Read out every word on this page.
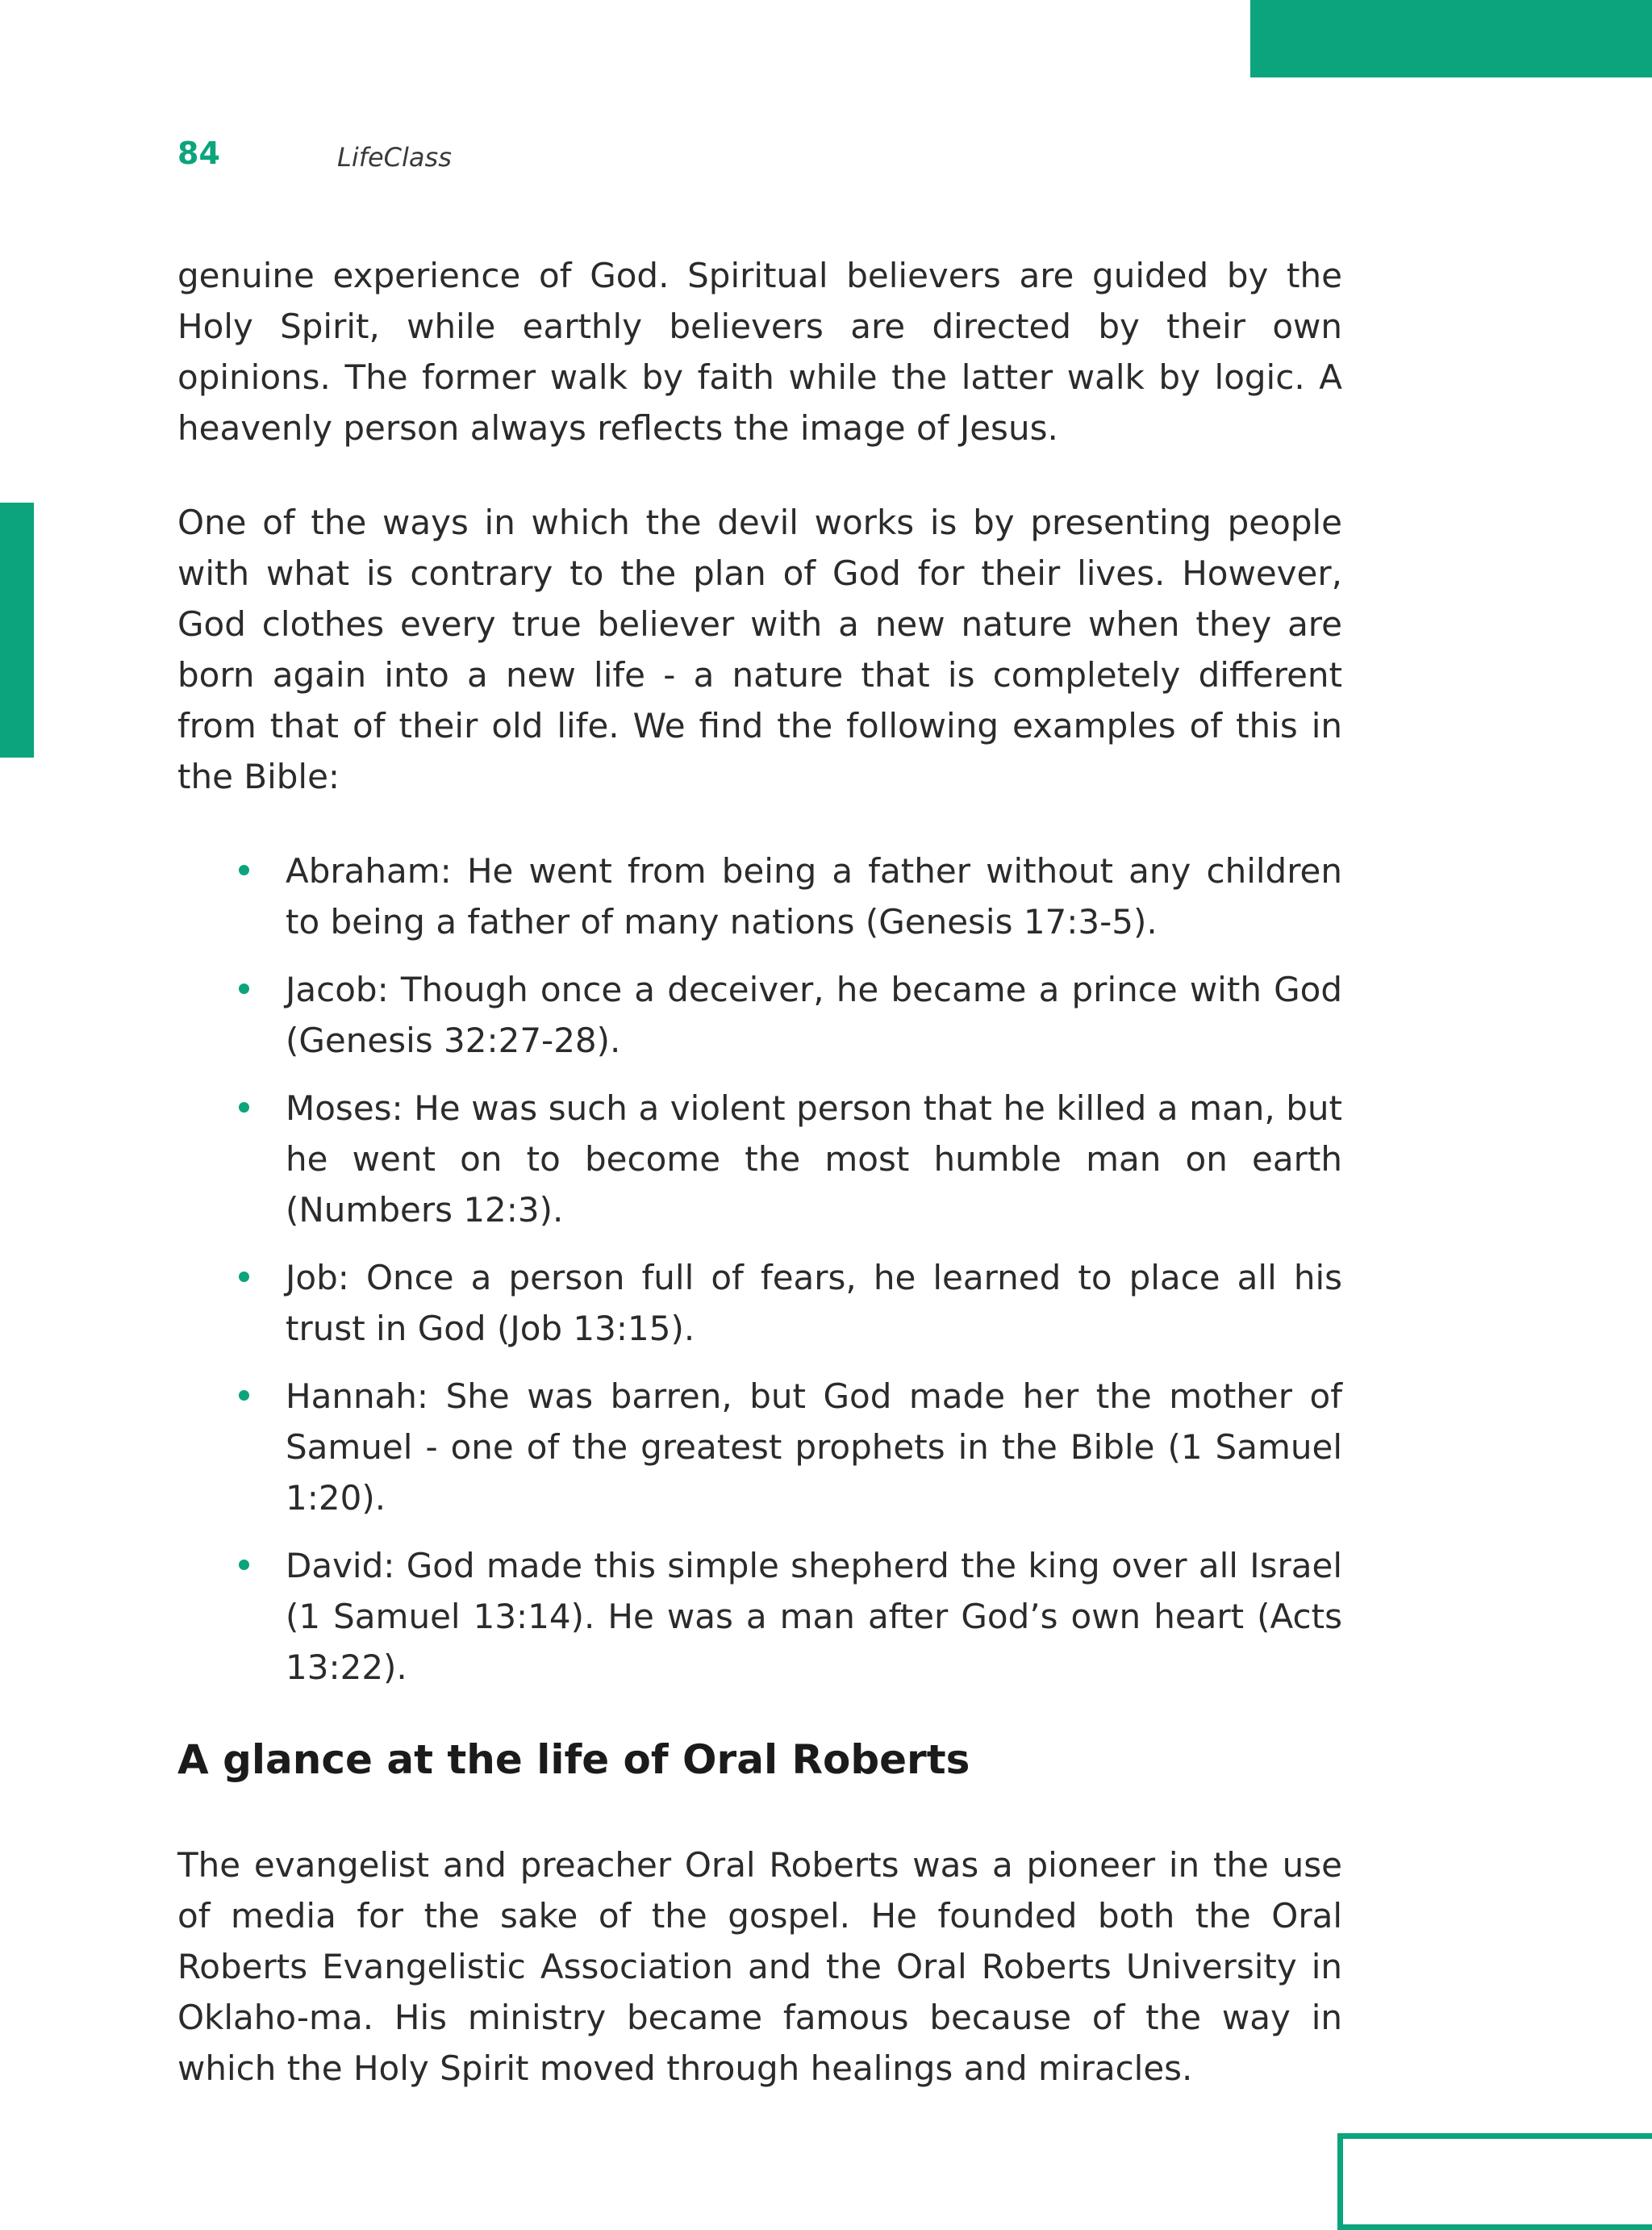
84	LifeClass

genuine experience of God. Spiritual believers are guided by the Holy Spirit, while earthly believers are directed by their own opinions. The former walk by faith while the latter walk by logic. A heavenly person always reflects the image of Jesus.

One of the ways in which the devil works is by presenting people with what is contrary to the plan of God for their lives. However, God clothes every true believer with a new nature when they are born again into a new life - a nature that is completely different from that of their old life. We find the following examples of this in the Bible:

Abraham: He went from being a father without any children to being a father of many nations (Genesis 17:3-5).
Jacob: Though once a deceiver, he became a prince with God (Genesis 32:27-28).
Moses: He was such a violent person that he killed a man, but he went on to become the most humble man on earth (Numbers 12:3).
Job: Once a person full of fears, he learned to place all his trust in God (Job 13:15).
Hannah: She was barren, but God made her the mother of Samuel - one of the greatest prophets in the Bible (1 Samuel 1:20).
David: God made this simple shepherd the king over all Israel (1 Samuel 13:14). He was a man after God’s own heart (Acts 13:22).
A glance at the life of Oral Roberts

The evangelist and preacher Oral Roberts was a pioneer in the use of media for the sake of the gospel. He founded both the Oral Roberts Evangelistic Association and the Oral Roberts University in Oklaho-ma. His ministry became famous because of the way in which the Holy Spirit moved through healings and miracles.
